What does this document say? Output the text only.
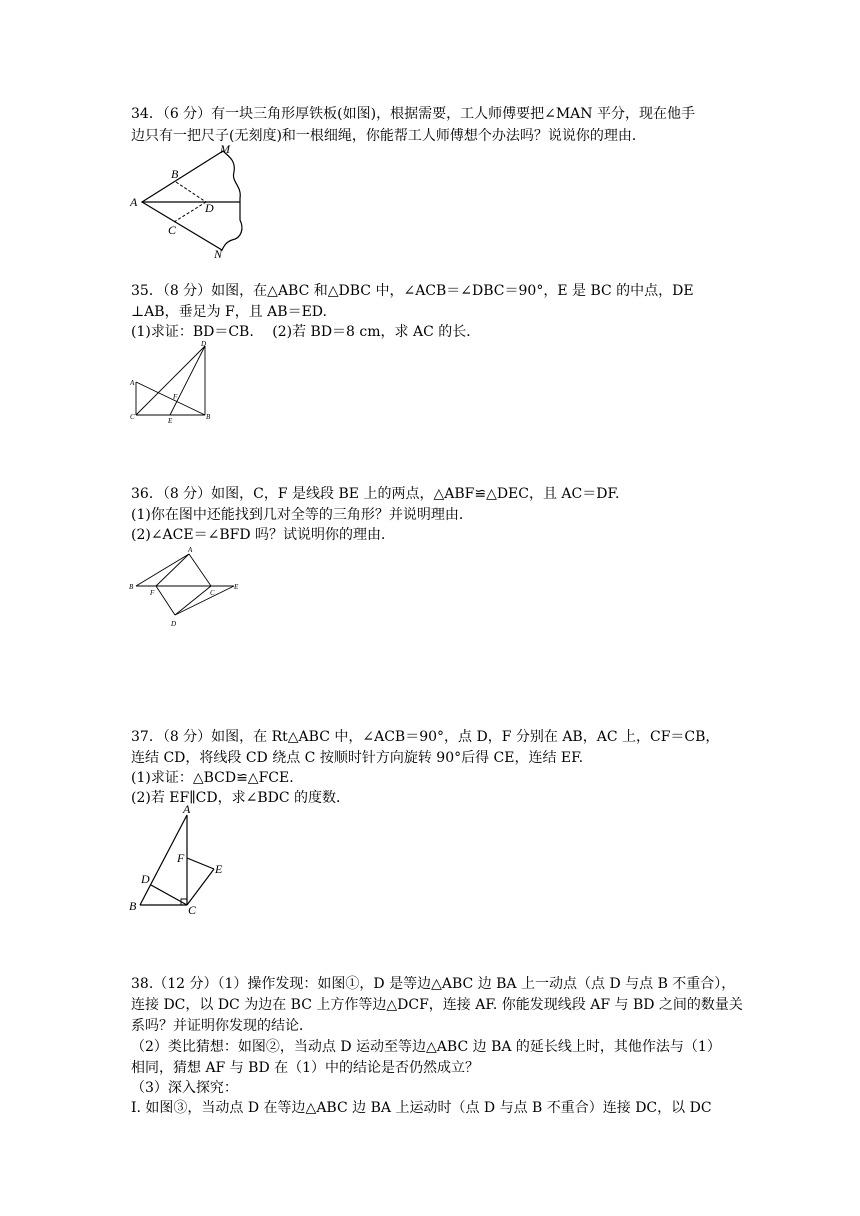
34．（6 分）有一块三角形厚铁板(如图)，根据需要，工人师傅要把∠MAN 平分，现在他手
边只有一把尺子(无刻度)和一根细绳，你能帮工人师傅想个办法吗？说说你的理由．
M
B
A	D
C
N
35．（8 分）如图，在△ABC 和△DBC 中，∠ACB＝∠DBC＝90°，E 是 BC 的中点，DE
⊥AB，垂足为 F，且 AB＝ED.
(1)求证：BD＝CB.　 (2)若 BD＝8 cm，求 AC 的长．
D
A
F
C	E	B
36．（8 分）如图，C，F 是线段 BE 上的两点，△ABF≌△DEC，且 AC＝DF.
(1)你在图中还能找到几对全等的三角形？并说明理由．
(2)∠ACE＝∠BFD 吗？试说明你的理由．
A
B
F	C
E
D
37．（8 分）如图，在 Rt△ABC 中，∠ACB＝90°，点 D，F 分别在 AB，AC 上，CF＝CB，
连结 CD，将线段 CD 绕点 C 按顺时针方向旋转 90°后得 CE，连结 EF.
(1)求证：△BCD≌△FCE.
(2)若 EF∥CD，求∠BDC 的度数．
A
F
E
D
B	C
38.（12 分）（1）操作发现：如图①，D 是等边△ABC 边 BA 上一动点（点 D 与点 B 不重合），
连接 DC，以 DC 为边在 BC 上方作等边△DCF，连接 AF. 你能发现线段 AF 与 BD 之间的数量关
系吗？并证明你发现的结论．
（2）类比猜想：如图②，当动点 D 运动至等边△ABC 边 BA 的延长线上时，其他作法与（1）
相同，猜想 AF 与 BD 在（1）中的结论是否仍然成立？
（3）深入探究：
Ⅰ. 如图③，当动点 D 在等边△ABC 边 BA 上运动时（点 D 与点 B 不重合）连接 DC，以 DC
